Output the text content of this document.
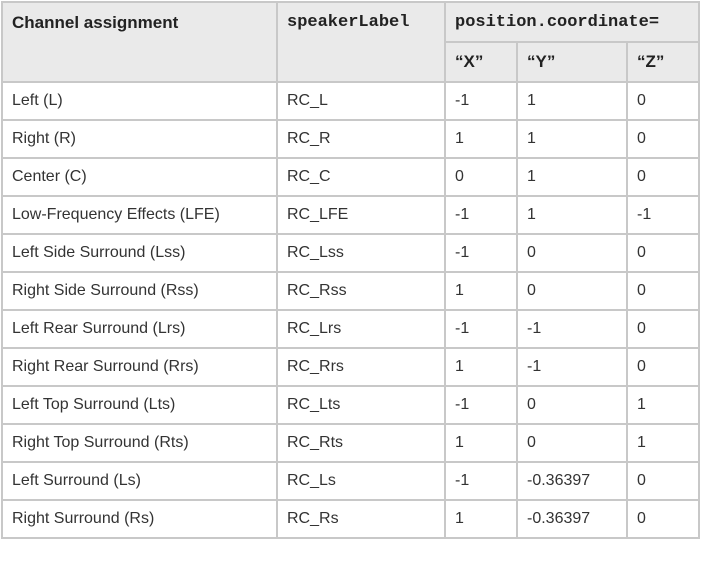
Channel assignment	speakerLabel	position.coordinate=		
		“X”	“Y”	“Z”
Left (L)	RC_L	-1	1	0
Right (R)	RC_R	1	1	0
Center (C)	RC_C	0	1	0
Low-Frequency Effects (LFE)	RC_LFE	-1	1	-1
Left Side Surround (Lss)	RC_Lss	-1	0	0
Right Side Surround (Rss)	RC_Rss	1	0	0
Left Rear Surround (Lrs)	RC_Lrs	-1	-1	0
Right Rear Surround (Rrs)	RC_Rrs	1	-1	0
Left Top Surround (Lts)	RC_Lts	-1	0	1
Right Top Surround (Rts)	RC_Rts	1	0	1
Left Surround (Ls)	RC_Ls	-1	-0.36397	0
Right Surround (Rs)	RC_Rs	1	-0.36397	0
